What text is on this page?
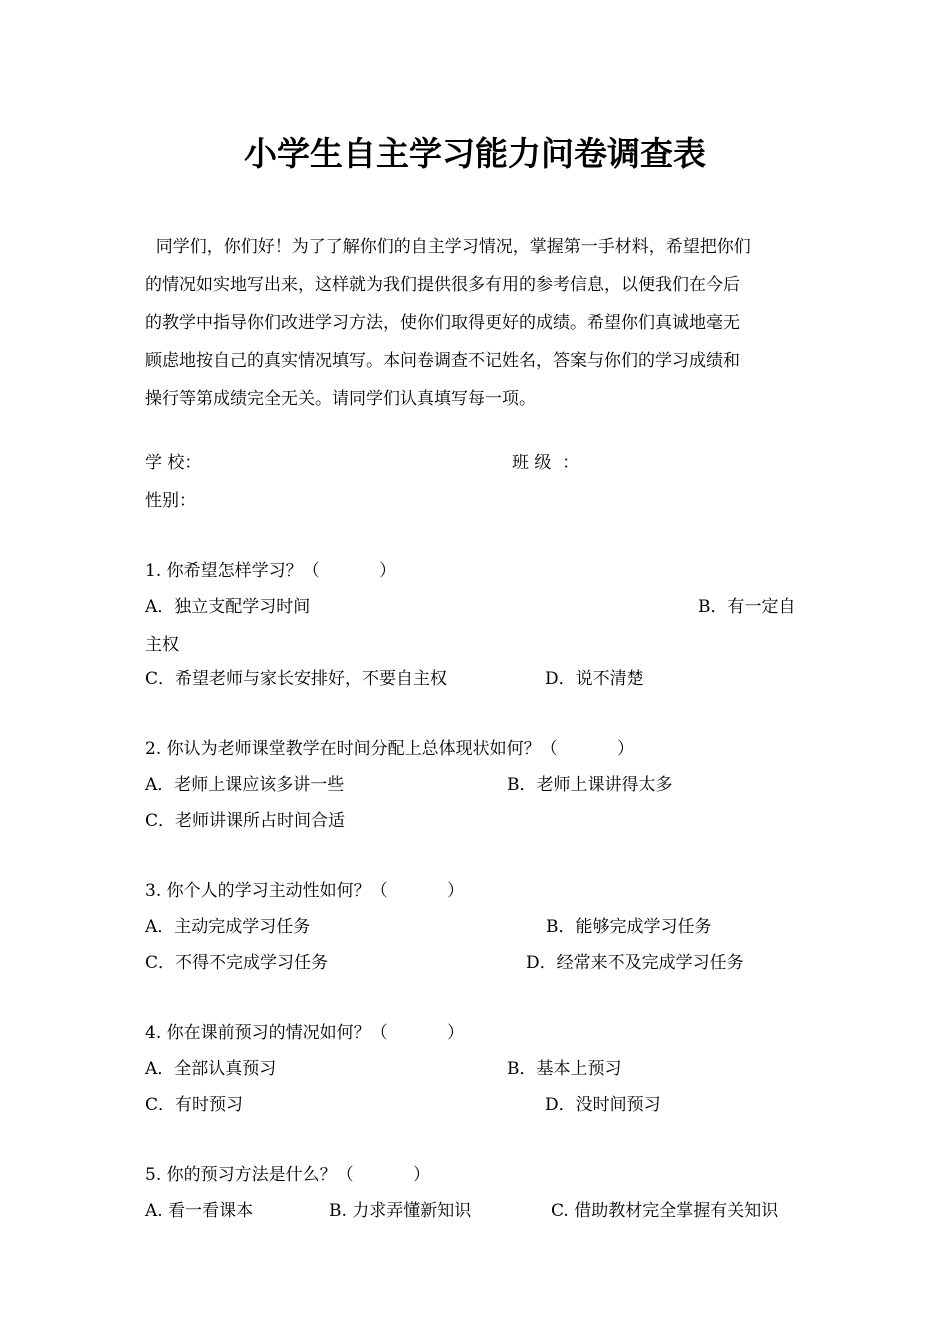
小学生自主学习能力问卷调查表

同学们，你们好！为了了解你们的自主学习情况，掌握第一手材料，希望把你们

的情况如实地写出来，这样就为我们提供很多有用的参考信息，以便我们在今后

的教学中指导你们改进学习方法，使你们取得更好的成绩。希望你们真诚地毫无

顾虑地按自己的真实情况填写。本问卷调查不记姓名，答案与你们的学习成绩和

操行等第成绩完全无关。请同学们认真填写每一项。

学 校：	班 级  ：
性别：
1. 你希望怎样学习？（           ）
A．独立支配学习时间	B．有一定自
主权
C．希望老师与家长安排好，不要自主权	D．说不清楚
2. 你认为老师课堂教学在时间分配上总体现状如何？（           ）
A．老师上课应该多讲一些	B．老师上课讲得太多
C．老师讲课所占时间合适
3. 你个人的学习主动性如何？（           ）
A．主动完成学习任务	B．能够完成学习任务
C．不得不完成学习任务	D．经常来不及完成学习任务
4. 你在课前预习的情况如何？（           ）
A．全部认真预习	B．基本上预习
C．有时预习	D．没时间预习
5. 你的预习方法是什么？（           ）
A. 看一看课本	B. 力求弄懂新知识	C. 借助教材完全掌握有关知识
